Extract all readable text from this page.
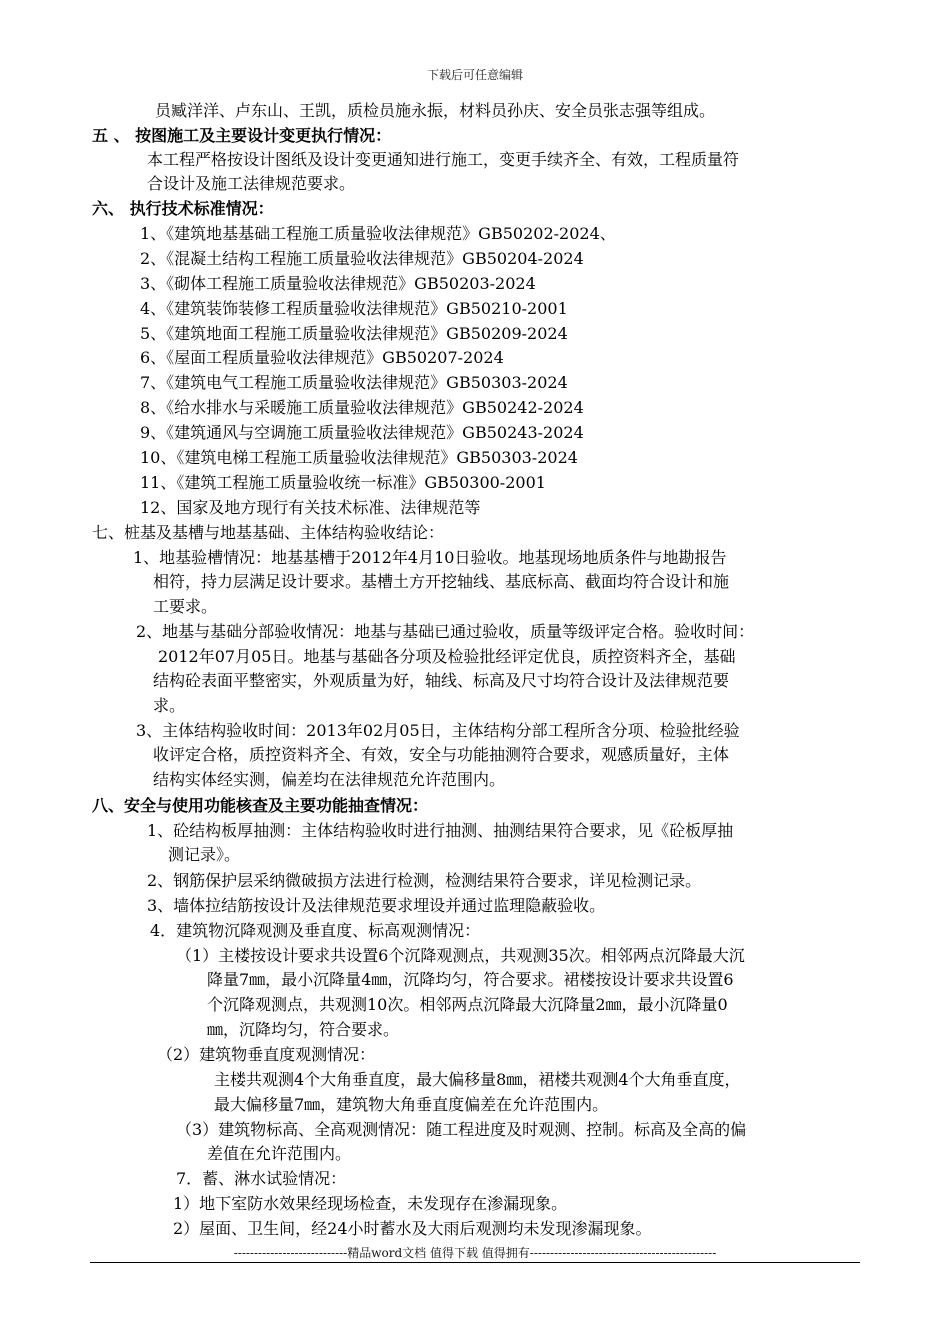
下载后可任意编辑
员臧洋洋、卢东山、王凯，质检员施永振，材料员孙庆、安全员张志强等组成。
五 、 按图施工及主要设计变更执行情况：
本工程严格按设计图纸及设计变更通知进行施工，变更手续齐全、有效，工程质量符
合设计及施工法律规范要求。
六、 执行技术标准情况：
1、《建筑地基基础工程施工质量验收法律规范》GB50202-2024、
2、《混凝土结构工程施工质量验收法律规范》GB50204-2024
3、《砌体工程施工质量验收法律规范》GB50203-2024
4、《建筑装饰装修工程质量验收法律规范》GB50210-2001
5、《建筑地面工程施工质量验收法律规范》GB50209-2024
6、《屋面工程质量验收法律规范》GB50207-2024
7、《建筑电气工程施工质量验收法律规范》GB50303-2024
8、《给水排水与采暖施工质量验收法律规范》GB50242-2024
9、《建筑通风与空调施工质量验收法律规范》GB50243-2024
10、《建筑电梯工程施工质量验收法律规范》GB50303-2024
11、《建筑工程施工质量验收统一标准》GB50300-2001
12、国家及地方现行有关技术标准、法律规范等
七、桩基及基槽与地基基础、主体结构验收结论：
1、地基验槽情况：地基基槽于2012年4月10日验收。地基现场地质条件与地勘报告
相符，持力层满足设计要求。基槽土方开挖轴线、基底标高、截面均符合设计和施
工要求。
2、地基与基础分部验收情况：地基与基础已通过验收，质量等级评定合格。验收时间：
2012年07月05日。地基与基础各分项及检验批经评定优良，质控资料齐全，基础
结构砼表面平整密实，外观质量为好，轴线、标高及尺寸均符合设计及法律规范要
求。
3、主体结构验收时间：2013年02月05日，主体结构分部工程所含分项、检验批经验
收评定合格，质控资料齐全、有效，安全与功能抽测符合要求，观感质量好，主体
结构实体经实测，偏差均在法律规范允许范围内。
八、安全与使用功能核查及主要功能抽查情况：
1、砼结构板厚抽测：主体结构验收时进行抽测、抽测结果符合要求，见《砼板厚抽
测记录》。
2、钢筋保护层采纳微破损方法进行检测，检测结果符合要求，详见检测记录。
3、墙体拉结筋按设计及法律规范要求埋设并通过监理隐蔽验收。
4．建筑物沉降观测及垂直度、标高观测情况：
（1）主楼按设计要求共设置6个沉降观测点，共观测35次。相邻两点沉降最大沉
降量7㎜，最小沉降量4㎜，沉降均匀，符合要求。裙楼按设计要求共设置6
个沉降观测点，共观测10次。相邻两点沉降最大沉降量2㎜，最小沉降量0
㎜，沉降均匀，符合要求。
（2）建筑物垂直度观测情况：
主楼共观测4个大角垂直度，最大偏移量8㎜，裙楼共观测4个大角垂直度，
最大偏移量7㎜，建筑物大角垂直度偏差在允许范围内。
（3）建筑物标高、全高观测情况：随工程进度及时观测、控制。标高及全高的偏
差值在允许范围内。
7．蓄、淋水试验情况：
1）地下室防水效果经现场检查，未发现存在渗漏现象。
2）屋面、卫生间，经24小时蓄水及大雨后观测均未发现渗漏现象。
----------------------------精品word文档 值得下载 值得拥有----------------------------------------------
